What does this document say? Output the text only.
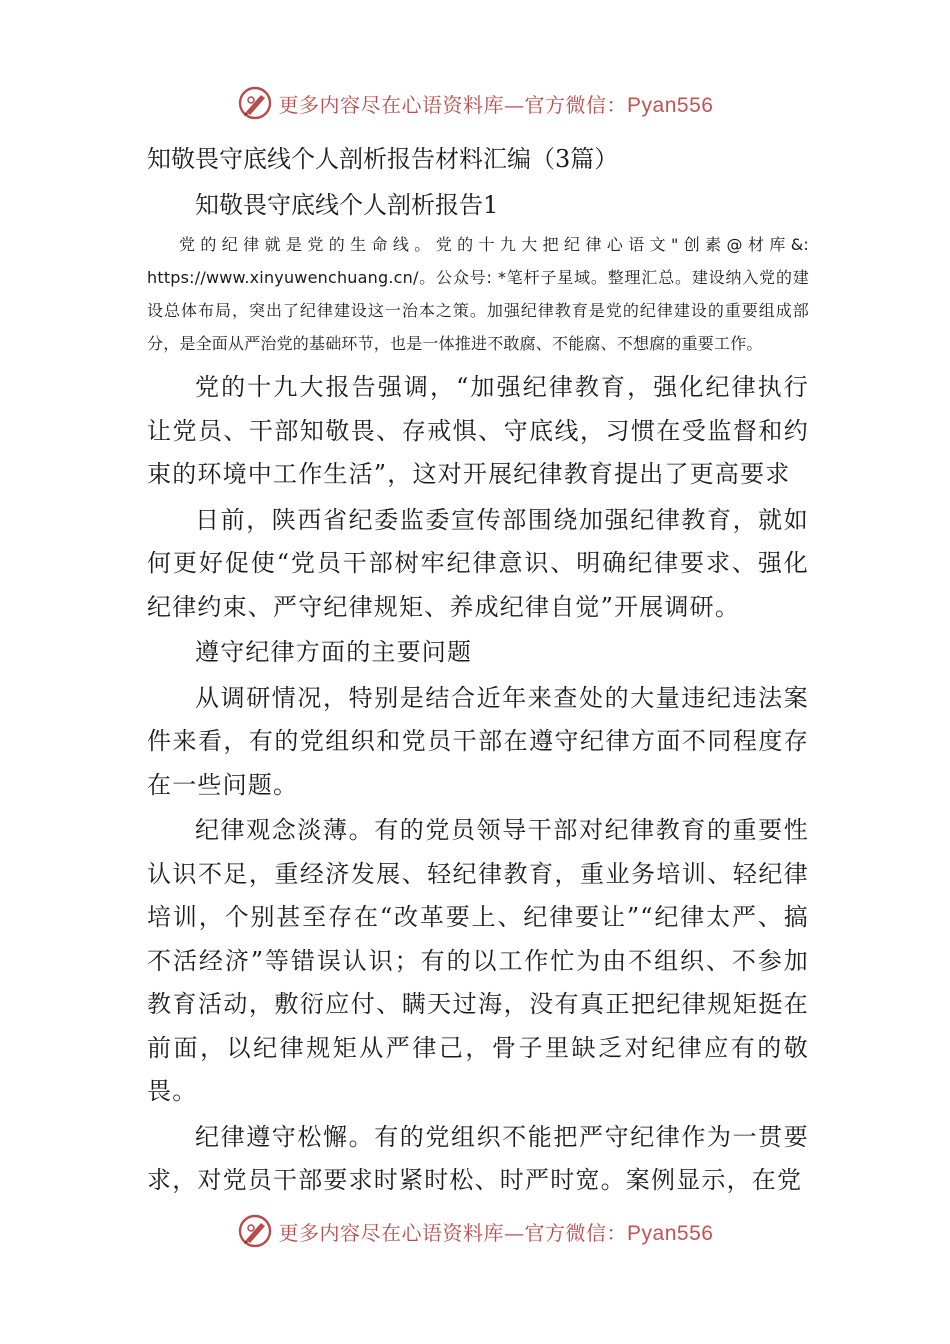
更多内容尽在心语资料库—官方微信：Pyan556
知敬畏守底线个人剖析报告材料汇编（3篇）
知敬畏守底线个人剖析报告1

党的纪律就是党的生命线。党的十九大把纪律心语文"创素@材库&: https://www.xinyuwenchuang.cn/。公众号: *笔杆子星域。整理汇总。建设纳入党的建设总体布局，突出了纪律建设这一治本之策。加强纪律教育是党的纪律建设的重要组成部分，是全面从严治党的基础环节，也是一体推进不敢腐、不能腐、不想腐的重要工作。

党的十九大报告强调，“加强纪律教育，强化纪律执行让党员、干部知敬畏、存戒惧、守底线，习惯在受监督和约束的环境中工作生活”，这对开展纪律教育提出了更高要求

日前，陕西省纪委监委宣传部围绕加强纪律教育，就如何更好促使“党员干部树牢纪律意识、明确纪律要求、强化纪律约束、严守纪律规矩、养成纪律自觉”开展调研。

遵守纪律方面的主要问题

从调研情况，特别是结合近年来查处的大量违纪违法案件来看，有的党组织和党员干部在遵守纪律方面不同程度存在一些问题。

纪律观念淡薄。有的党员领导干部对纪律教育的重要性认识不足，重经济发展、轻纪律教育，重业务培训、轻纪律培训，个别甚至存在“改革要上、纪律要让”“纪律太严、搞不活经济”等错误认识；有的以工作忙为由不组织、不参加教育活动，敷衍应付、瞒天过海，没有真正把纪律规矩挺在前面，以纪律规矩从严律己，骨子里缺乏对纪律应有的敬畏。

纪律遵守松懈。有的党组织不能把严守纪律作为一贯要求，对党员干部要求时紧时松、时严时宽。案例显示，在党

更多内容尽在心语资料库—官方微信：Pyan556
